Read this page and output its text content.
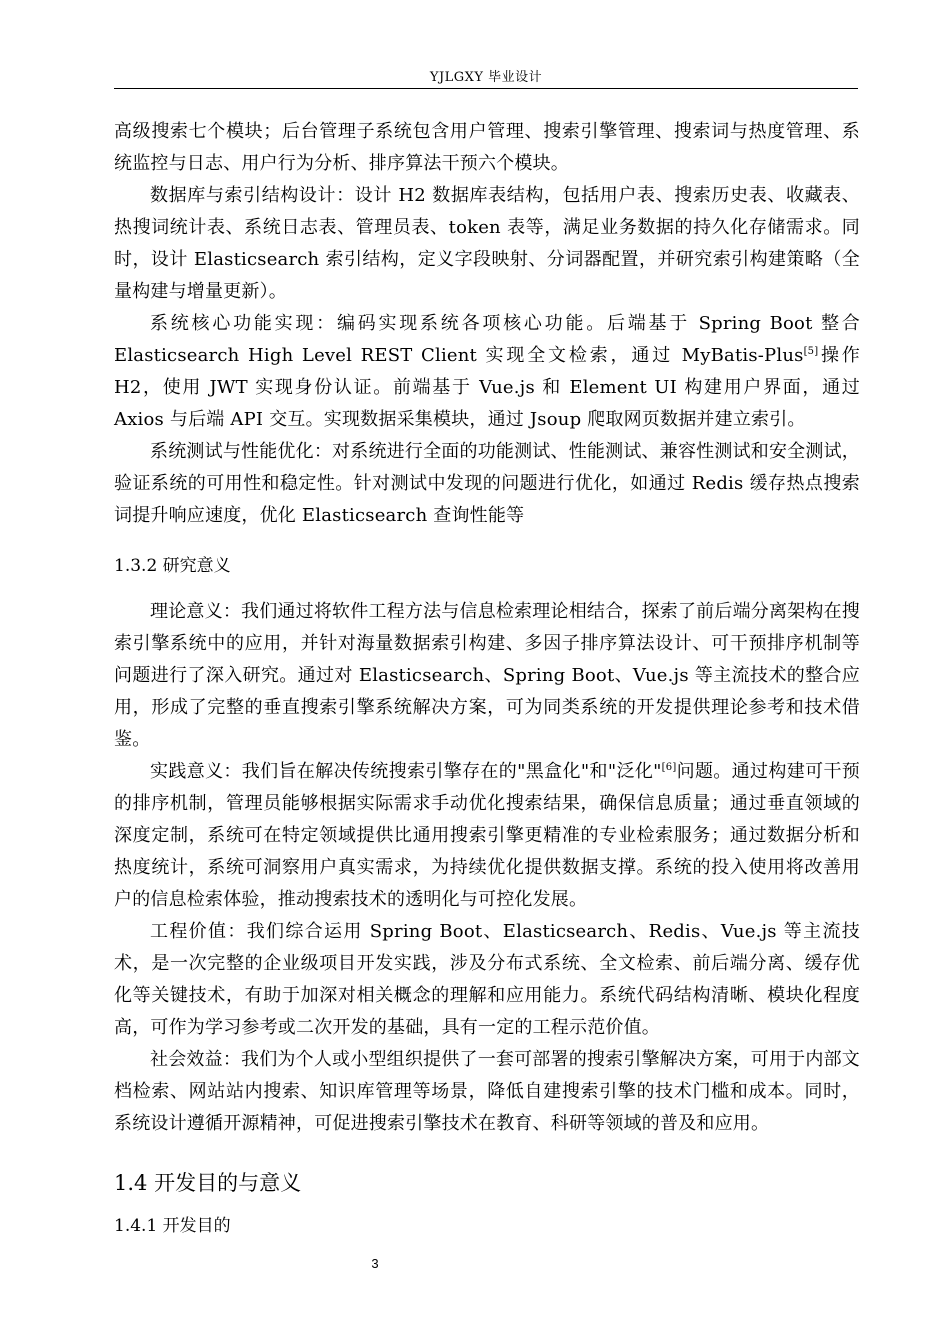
YJLGXY 毕业设计

高级搜索七个模块；后台管理子系统包含用户管理、搜索引擎管理、搜索词与热度管理、系统监控与日志、用户行为分析、排序算法干预六个模块。

数据库与索引结构设计：设计 H2 数据库表结构，包括用户表、搜索历史表、收藏表、热搜词统计表、系统日志表、管理员表、token 表等，满足业务数据的持久化存储需求。同时，设计 Elasticsearch 索引结构，定义字段映射、分词器配置，并研究索引构建策略（全量构建与增量更新）。

系统核心功能实现：编码实现系统各项核心功能。后端基于 Spring Boot 整合 Elasticsearch High Level REST Client 实现全文检索，通过 MyBatis-Plus[5]操作 H2，使用 JWT 实现身份认证。前端基于 Vue.js 和 Element UI 构建用户界面，通过 Axios 与后端 API 交互。实现数据采集模块，通过 Jsoup 爬取网页数据并建立索引。

系统测试与性能优化：对系统进行全面的功能测试、性能测试、兼容性测试和安全测试，验证系统的可用性和稳定性。针对测试中发现的问题进行优化，如通过 Redis 缓存热点搜索词提升响应速度，优化 Elasticsearch 查询性能等

1.3.2 研究意义

理论意义：我们通过将软件工程方法与信息检索理论相结合，探索了前后端分离架构在搜索引擎系统中的应用，并针对海量数据索引构建、多因子排序算法设计、可干预排序机制等问题进行了深入研究。通过对 Elasticsearch、Spring Boot、Vue.js 等主流技术的整合应用，形成了完整的垂直搜索引擎系统解决方案，可为同类系统的开发提供理论参考和技术借鉴。

实践意义：我们旨在解决传统搜索引擎存在的"黑盒化"和"泛化"[6]问题。通过构建可干预的排序机制，管理员能够根据实际需求手动优化搜索结果，确保信息质量；通过垂直领域的深度定制，系统可在特定领域提供比通用搜索引擎更精准的专业检索服务；通过数据分析和热度统计，系统可洞察用户真实需求，为持续优化提供数据支撑。系统的投入使用将改善用户的信息检索体验，推动搜索技术的透明化与可控化发展。

工程价值：我们综合运用 Spring Boot、Elasticsearch、Redis、Vue.js 等主流技术，是一次完整的企业级项目开发实践，涉及分布式系统、全文检索、前后端分离、缓存优化等关键技术，有助于加深对相关概念的理解和应用能力。系统代码结构清晰、模块化程度高，可作为学习参考或二次开发的基础，具有一定的工程示范价值。

社会效益：我们为个人或小型组织提供了一套可部署的搜索引擎解决方案，可用于内部文档检索、网站站内搜索、知识库管理等场景，降低自建搜索引擎的技术门槛和成本。同时，系统设计遵循开源精神，可促进搜索引擎技术在教育、科研等领域的普及和应用。

1.4 开发目的与意义
1.4.1 开发目的
3
